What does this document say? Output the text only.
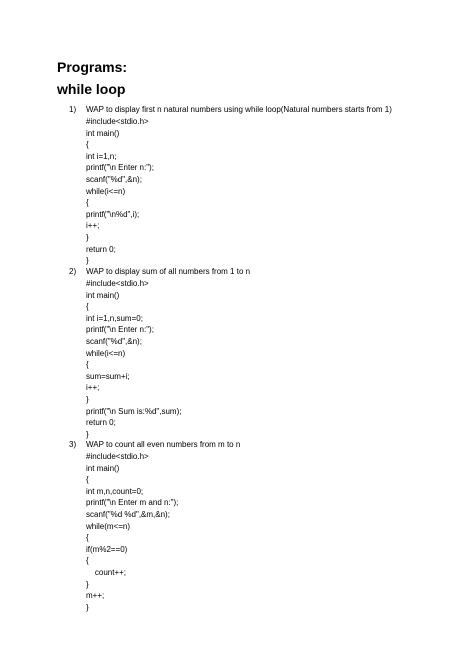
Programs:
while loop
1) WAP to display first n natural numbers using while loop(Natural numbers starts from 1)
#include<stdio.h>
int main()
{
int i=1,n;
printf("\n Enter n:");
scanf("%d",&n);
while(i<=n)
{
printf("\n%d",i);
i++;
}
return 0;
}
2) WAP to display sum of all numbers from 1 to n
#include<stdio.h>
int main()
{
int i=1,n,sum=0;
printf("\n Enter n:");
scanf("%d",&n);
while(i<=n)
{
sum=sum+i;
i++;
}
printf("\n Sum is:%d",sum);
return 0;
}
3) WAP to count all even numbers from m to n
#include<stdio.h>
int main()
{
int m,n,count=0;
printf("\n Enter m and n:");
scanf("%d %d",&m,&n);
while(m<=n)
{
if(m%2==0)
{
count++;
}
m++;
}
